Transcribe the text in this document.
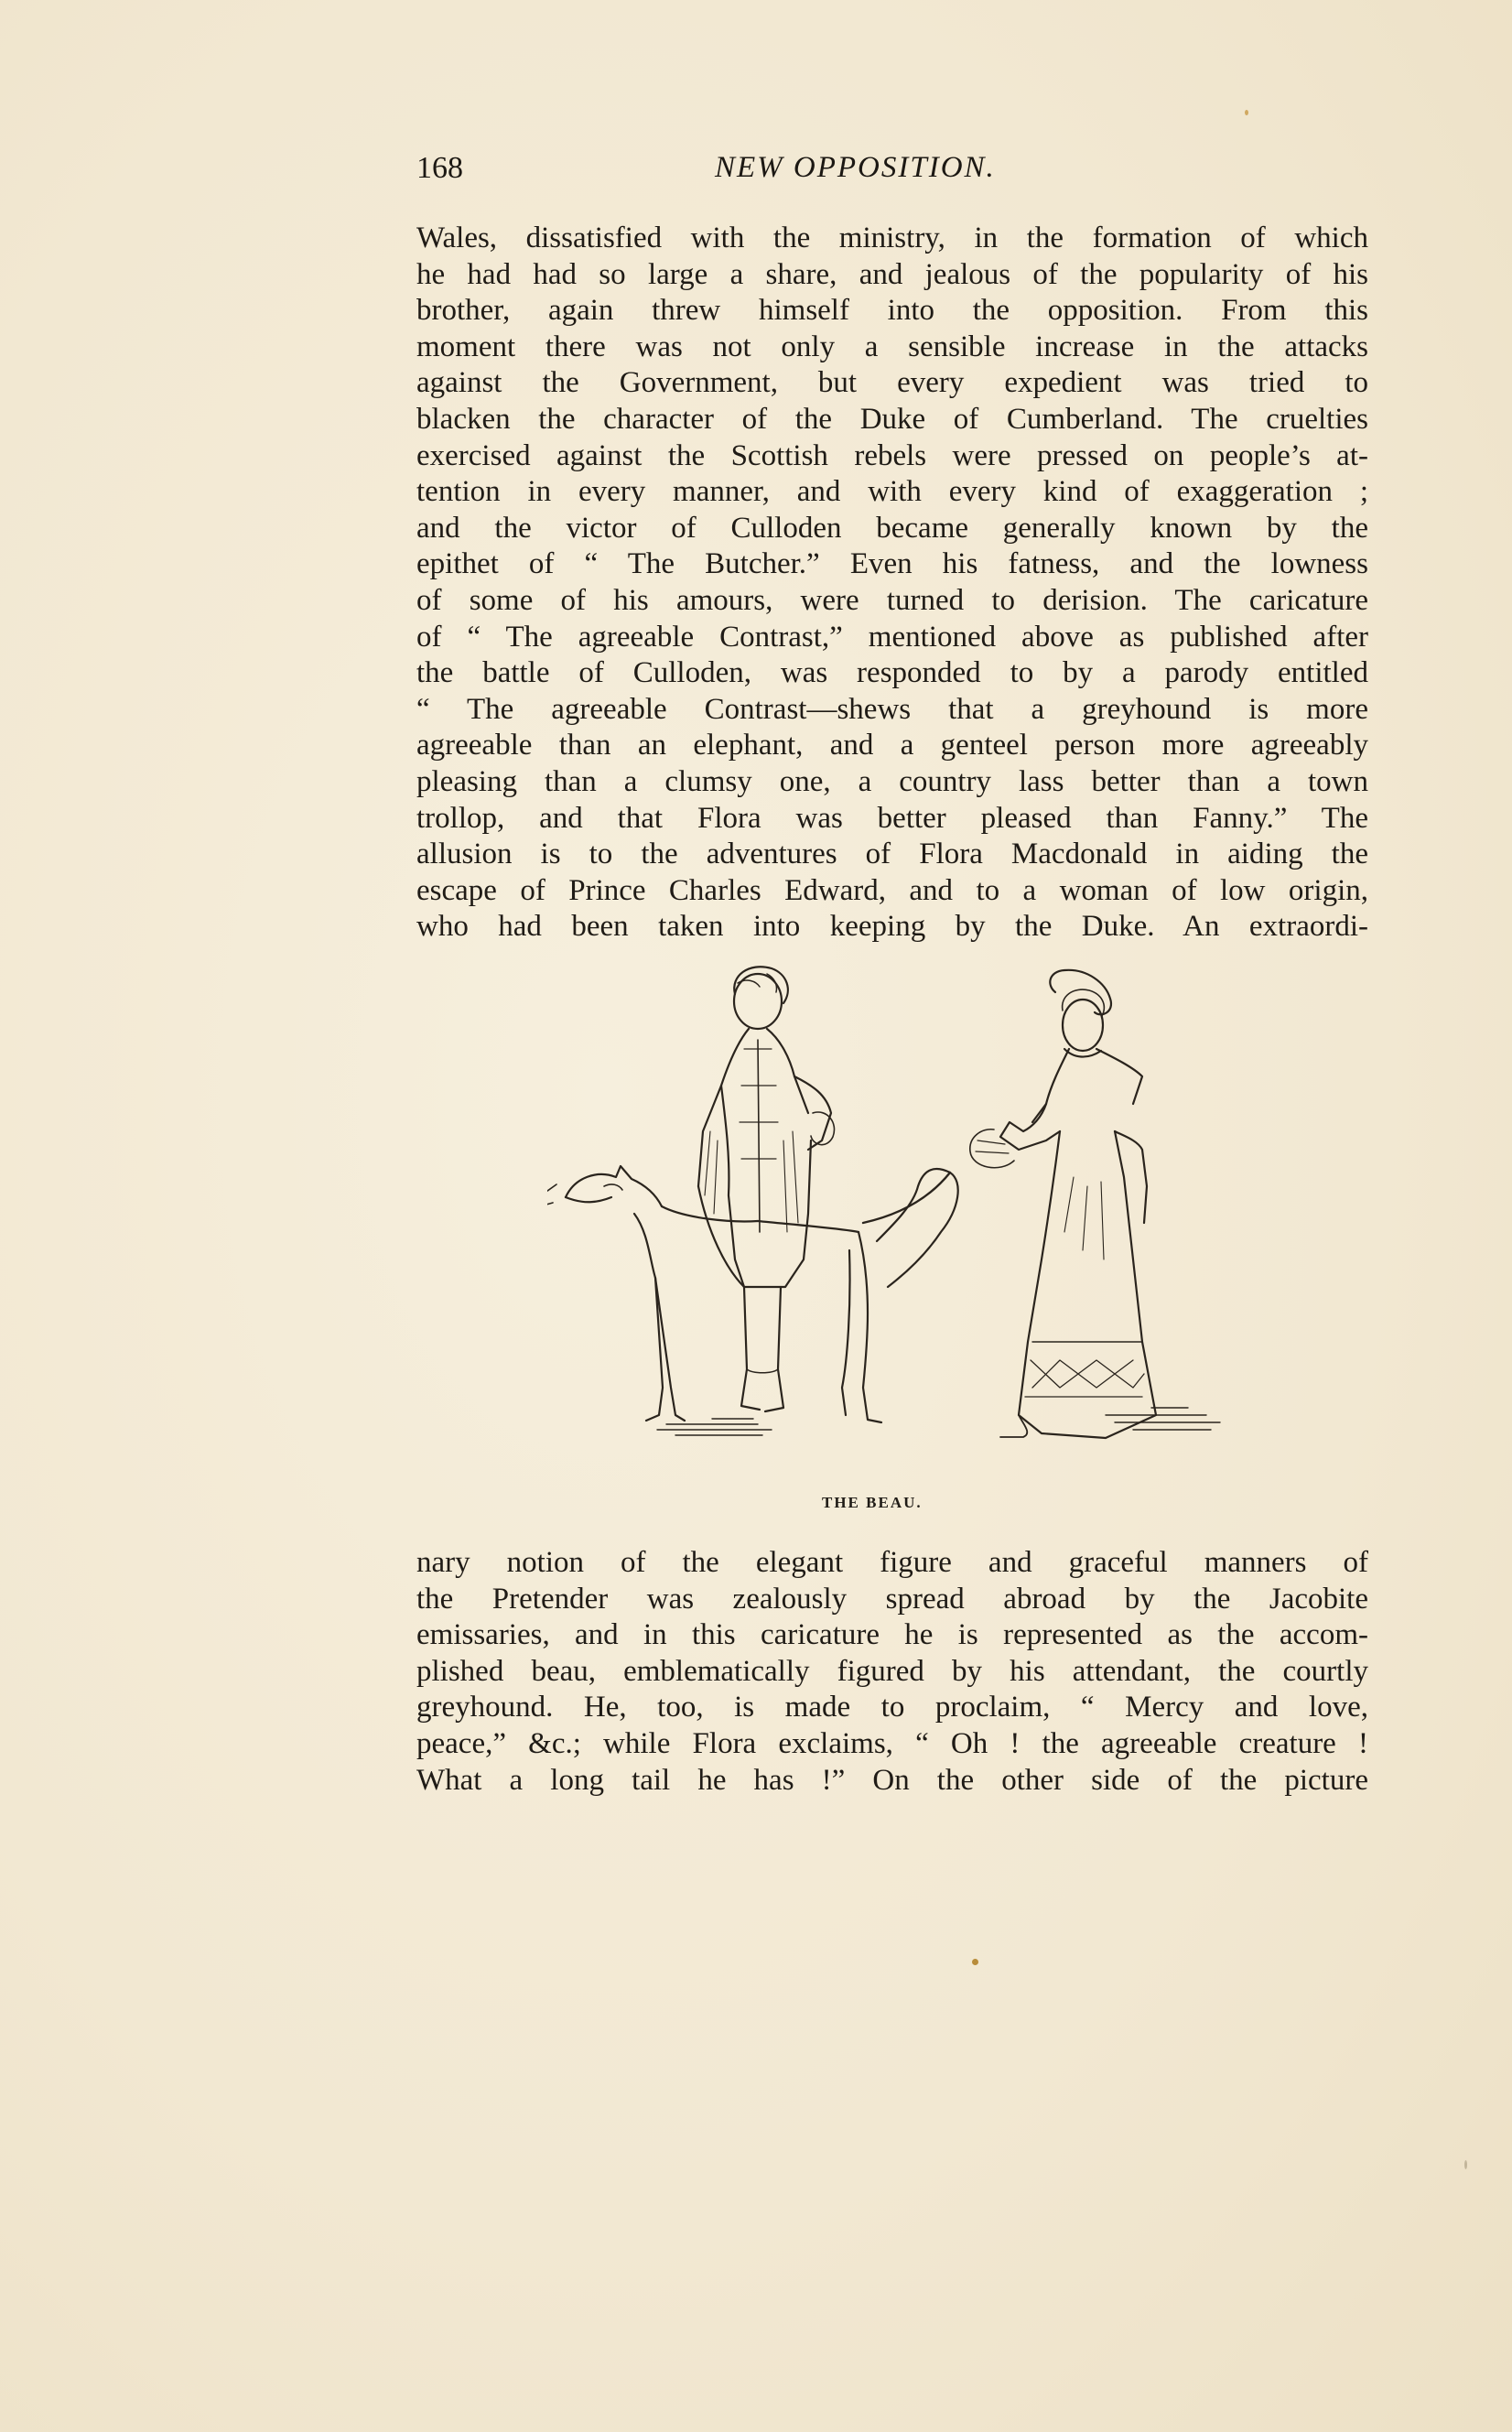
168	NEW OPPOSITION.
Wales, dissatisfied with the ministry, in the formation of which
he had had so large a share, and jealous of the popularity of his
brother, again threw himself into the opposition. From this
moment there was not only a sensible increase in the attacks
against the Government, but every expedient was tried to
blacken the character of the Duke of Cumberland. The cruelties
exercised against the Scottish rebels were pressed on people’s at-
tention in every manner, and with every kind of exaggeration ;
and the victor of Culloden became generally known by the
epithet of “ The Butcher.” Even his fatness, and the lowness
of some of his amours, were turned to derision. The caricature
of “ The agreeable Contrast,” mentioned above as published after
the battle of Culloden, was responded to by a parody entitled
“ The agreeable Contrast—shews that a greyhound is more
agreeable than an elephant, and a genteel person more agreeably
pleasing than a clumsy one, a country lass better than a town
trollop, and that Flora was better pleased than Fanny.” The
allusion is to the adventures of Flora Macdonald in aiding the
escape of Prince Charles Edward, and to a woman of low origin,
who had been taken into keeping by the Duke. An extraordi-
THE BEAU.
nary notion of the elegant figure and graceful manners of
the Pretender was zealously spread abroad by the Jacobite
emissaries, and in this caricature he is represented as the accom-
plished beau, emblematically figured by his attendant, the courtly
greyhound. He, too, is made to proclaim, “ Mercy and love,
peace,” &c.; while Flora exclaims, “ Oh ! the agreeable creature !
What a long tail he has !” On the other side of the picture
